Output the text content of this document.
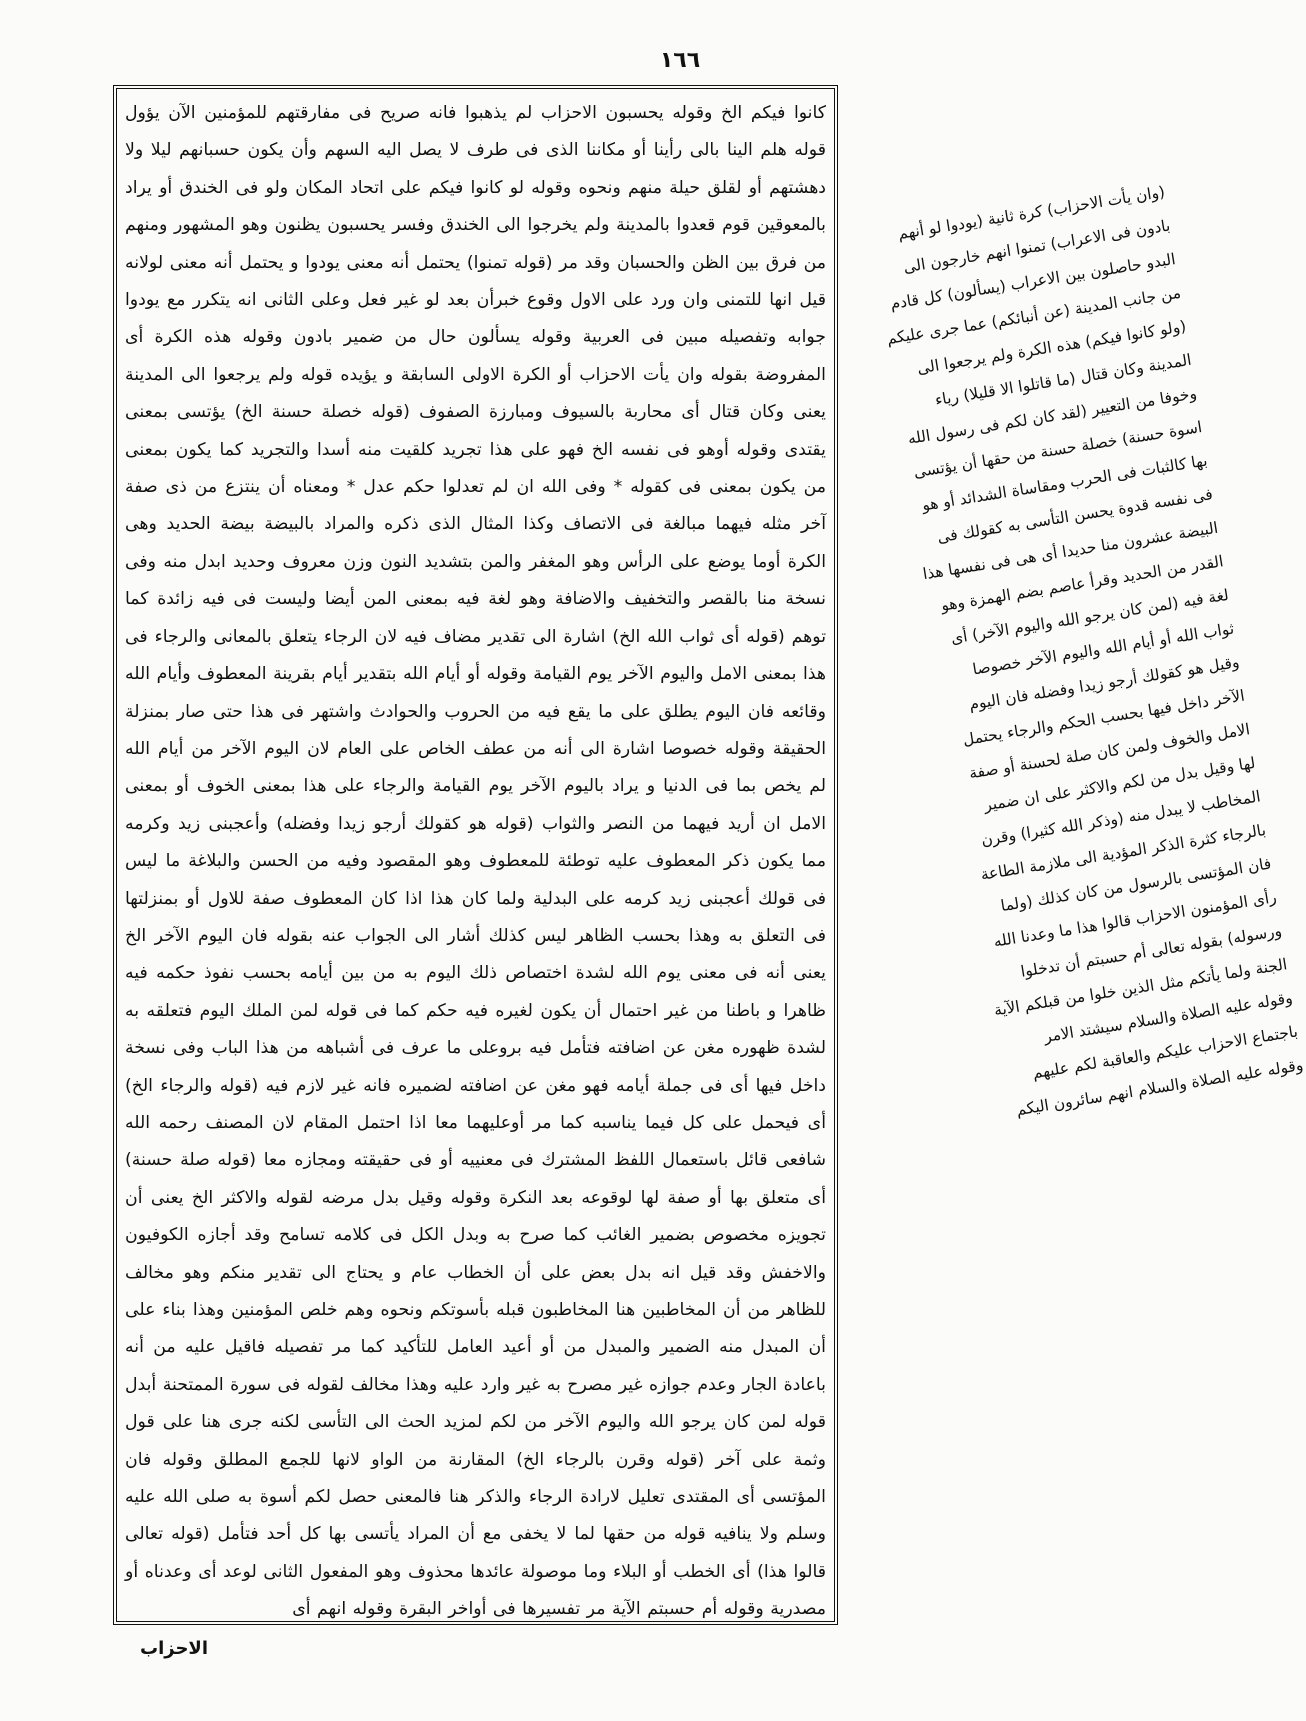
١٦٦

كانوا فيكم الخ وقوله يحسبون الاحزاب لم يذهبوا فانه صريح فى مفارقتهم للمؤمنين الآن يؤول قوله هلم الينا بالى رأينا أو مكاننا الذى فى طرف لا يصل اليه السهم وأن يكون حسبانهم ليلا ولا دهشتهم أو لقلق حيلة منهم ونحوه وقوله لو كانوا فيكم على اتحاد المكان ولو فى الخندق أو يراد بالمعوقين قوم قعدوا بالمدينة ولم يخرجوا الى الخندق وفسر يحسبون يظنون وهو المشهور ومنهم من فرق بين الظن والحسبان وقد مر (قوله تمنوا) يحتمل أنه معنى يودوا و يحتمل أنه معنى لولانه قيل انها للتمنى وان ورد على الاول وقوع خبرأن بعد لو غير فعل وعلى الثانى انه يتكرر مع يودوا جوابه وتفصيله مبين فى العربية وقوله يسألون حال من ضمير بادون وقوله هذه الكرة أى المفروضة بقوله وان يأت الاحزاب أو الكرة الاولى السابقة و يؤيده قوله ولم يرجعوا الى المدينة يعنى وكان قتال أى محاربة بالسيوف ومبارزة الصفوف (قوله خصلة حسنة الخ) يؤتسى بمعنى يقتدى وقوله أوهو فى نفسه الخ فهو على هذا تجريد كلقيت منه أسدا والتجريد كما يكون بمعنى من يكون بمعنى فى كقوله * وفى الله ان لم تعدلوا حكم عدل * ومعناه أن ينتزع من ذى صفة آخر مثله فيهما مبالغة فى الاتصاف وكذا المثال الذى ذكره والمراد بالبيضة بيضة الحديد وهى الكرة أوما يوضع على الرأس وهو المغفر والمن بتشديد النون وزن معروف وحديد ابدل منه وفى نسخة منا بالقصر والتخفيف والاضافة وهو لغة فيه بمعنى المن أيضا وليست فى فيه زائدة كما توهم (قوله أى ثواب الله الخ) اشارة الى تقدير مضاف فيه لان الرجاء يتعلق بالمعانى والرجاء فى هذا بمعنى الامل واليوم الآخر يوم القيامة وقوله أو أيام الله بتقدير أيام بقرينة المعطوف وأيام الله وقائعه فان اليوم يطلق على ما يقع فيه من الحروب والحوادث واشتهر فى هذا حتى صار بمنزلة الحقيقة وقوله خصوصا اشارة الى أنه من عطف الخاص على العام لان اليوم الآخر من أيام الله لم يخص بما فى الدنيا و يراد باليوم الآخر يوم القيامة والرجاء على هذا بمعنى الخوف أو بمعنى الامل ان أريد فيهما من النصر والثواب (قوله هو كقولك أرجو زيدا وفضله) وأعجبنى زيد وكرمه مما يكون ذكر المعطوف عليه توطئة للمعطوف وهو المقصود وفيه من الحسن والبلاغة ما ليس فى قولك أعجبنى زيد كرمه على البدلية ولما كان هذا اذا كان المعطوف صفة للاول أو بمنزلتها فى التعلق به وهذا بحسب الظاهر ليس كذلك أشار الى الجواب عنه بقوله فان اليوم الآخر الخ يعنى أنه فى معنى يوم الله لشدة اختصاص ذلك اليوم به من بين أيامه بحسب نفوذ حكمه فيه ظاهرا و باطنا من غير احتمال أن يكون لغيره فيه حكم كما فى قوله لمن الملك اليوم فتعلقه به لشدة ظهوره مغن عن اضافته فتأمل فيه بروعلى ما عرف فى أشباهه من هذا الباب وفى نسخة داخل فيها أى فى جملة أيامه فهو مغن عن اضافته لضميره فانه غير لازم فيه (قوله والرجاء الخ) أى فيحمل على كل فيما يناسبه كما مر أوعليهما معا اذا احتمل المقام لان المصنف رحمه الله شافعى قائل باستعمال اللفظ المشترك فى معنييه أو فى حقيقته ومجازه معا (قوله صلة حسنة) أى متعلق بها أو صفة لها لوقوعه بعد النكرة وقوله وقيل بدل مرضه لقوله والاكثر الخ يعنى أن تجويزه مخصوص بضمير الغائب كما صرح به وبدل الكل فى كلامه تسامح وقد أجازه الكوفيون والاخفش وقد قيل انه بدل بعض على أن الخطاب عام و يحتاج الى تقدير منكم وهو مخالف للظاهر من أن المخاطبين هنا المخاطبون قبله بأسوتكم ونحوه وهم خلص المؤمنين وهذا بناء على أن المبدل منه الضمير والمبدل من أو أعيد العامل للتأكيد كما مر تفصيله فاقيل عليه من أنه باعادة الجار وعدم جوازه غير مصرح به غير وارد عليه وهذا مخالف لقوله فى سورة الممتحنة أبدل قوله لمن كان يرجو الله واليوم الآخر من لكم لمزيد الحث الى التأسى لكنه جرى هنا على قول وثمة على آخر (قوله وقرن بالرجاء الخ) المقارنة من الواو لانها للجمع المطلق وقوله فان المؤتسى أى المقتدى تعليل لارادة الرجاء والذكر هنا فالمعنى حصل لكم أسوة به صلى الله عليه وسلم ولا ينافيه قوله من حقها لما لا يخفى مع أن المراد يأتسى بها كل أحد فتأمل (قوله تعالى قالوا هذا) أى الخطب أو البلاء وما موصولة عائدها محذوف وهو المفعول الثانى لوعد أى وعدناه أو مصدرية وقوله أم حسبتم الآية مر تفسيرها فى أواخر البقرة وقوله انهم أى

(وان يأت الاحزاب) كرة ثانية (يودوا لو أنهم بادون فى الاعراب) تمنوا انهم خارجون الى البدو حاصلون بين الاعراب (يسألون) كل قادم من جانب المدينة (عن أنبائكم) عما جرى عليكم (ولو كانوا فيكم) هذه الكرة ولم يرجعوا الى المدينة وكان قتال (ما قاتلوا الا قليلا) رياء وخوفا من التعيير (لقد كان لكم فى رسول الله اسوة حسنة) خصلة حسنة من حقها أن يؤتسى بها كالثبات فى الحرب ومقاساة الشدائد أو هو فى نفسه قدوة يحسن التأسى به كقولك فى البيضة عشرون منا حديدا أى هى فى نفسها هذا القدر من الحديد وقرأ عاصم بضم الهمزة وهو لغة فيه (لمن كان يرجو الله واليوم الآخر) أى ثواب الله أو أيام الله واليوم الآخر خصوصا وقيل هو كقولك أرجو زيدا وفضله فان اليوم الآخر داخل فيها بحسب الحكم والرجاء يحتمل الامل والخوف ولمن كان صلة لحسنة أو صفة لها وقيل بدل من لكم والاكثر على ان ضمير المخاطب لا يبدل منه (وذكر الله كثيرا) وقرن بالرجاء كثرة الذكر المؤدية الى ملازمة الطاعة فان المؤتسى بالرسول من كان كذلك (ولما رأى المؤمنون الاحزاب قالوا هذا ما وعدنا الله ورسوله) بقوله تعالى أم حسبتم أن تدخلوا الجنة ولما يأتكم مثل الذين خلوا من قبلكم الآية وقوله عليه الصلاة والسلام سيشتد الامر باجتماع الاحزاب عليكم والعاقبة لكم عليهم وقوله عليه الصلاة والسلام انهم سائرون اليكم
الاحزاب
